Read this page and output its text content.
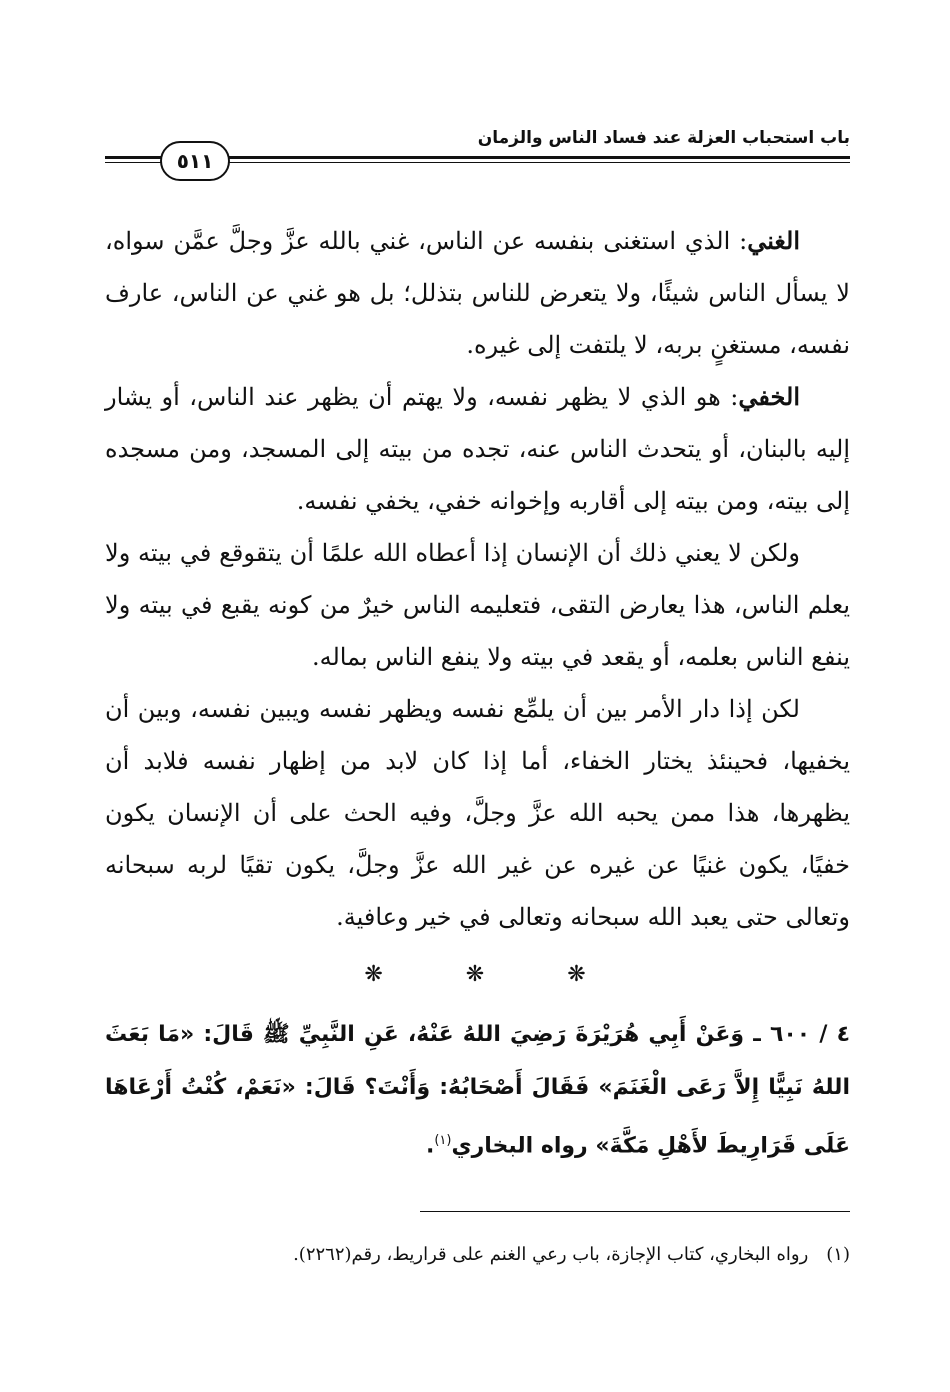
باب استحباب العزلة عند فساد الناس والزمان
٥١١

الغني: الذي استغنى بنفسه عن الناس، غني بالله عزَّ وجلَّ عمَّن سواه، لا يسأل الناس شيئًا، ولا يتعرض للناس بتذلل؛ بل هو غني عن الناس، عارف نفسه، مستغنٍ بربه، لا يلتفت إلى غيره.

الخفي: هو الذي لا يظهر نفسه، ولا يهتم أن يظهر عند الناس، أو يشار إليه بالبنان، أو يتحدث الناس عنه، تجده من بيته إلى المسجد، ومن مسجده إلى بيته، ومن بيته إلى أقاربه وإخوانه خفي، يخفي نفسه.

ولكن لا يعني ذلك أن الإنسان إذا أعطاه الله علمًا أن يتقوقع في بيته ولا يعلم الناس، هذا يعارض التقى، فتعليمه الناس خيرٌ من كونه يقبع في بيته ولا ينفع الناس بعلمه، أو يقعد في بيته ولا ينفع الناس بماله.

لكن إذا دار الأمر بين أن يلمِّع نفسه ويظهر نفسه ويبين نفسه، وبين أن يخفيها، فحينئذ يختار الخفاء، أما إذا كان لابد من إظهار نفسه فلابد أن يظهرها، هذا ممن يحبه الله عزَّ وجلَّ، وفيه الحث على أن الإنسان يكون خفيًا، يكون غنيًا عن غيره عن غير الله عزَّ وجلَّ، يكون تقيًا لربه سبحانه وتعالى حتى يعبد الله سبحانه وتعالى في خير وعافية.

❋	❋	❋
٤ / ٦٠٠ ـ وَعَنْ أَبِي هُرَيْرَةَ رَضِيَ اللهُ عَنْهُ، عَنِ النَّبِيِّ ﷺ قَالَ: «مَا بَعَثَ اللهُ نَبِيًّا إِلاَّ رَعَى الْغَنَمَ» فَقَالَ أَصْحَابُهُ: وَأَنْتَ؟ قَالَ: «نَعَمْ، كُنْتُ أَرْعَاهَا عَلَى قَرَارِيطَ لأَهْلِ مَكَّةَ» رواه البخاري$^{(١)}$.
(١)رواه البخاري، كتاب الإجازة، باب رعي الغنم على قراريط، رقم(٢٢٦٢).
